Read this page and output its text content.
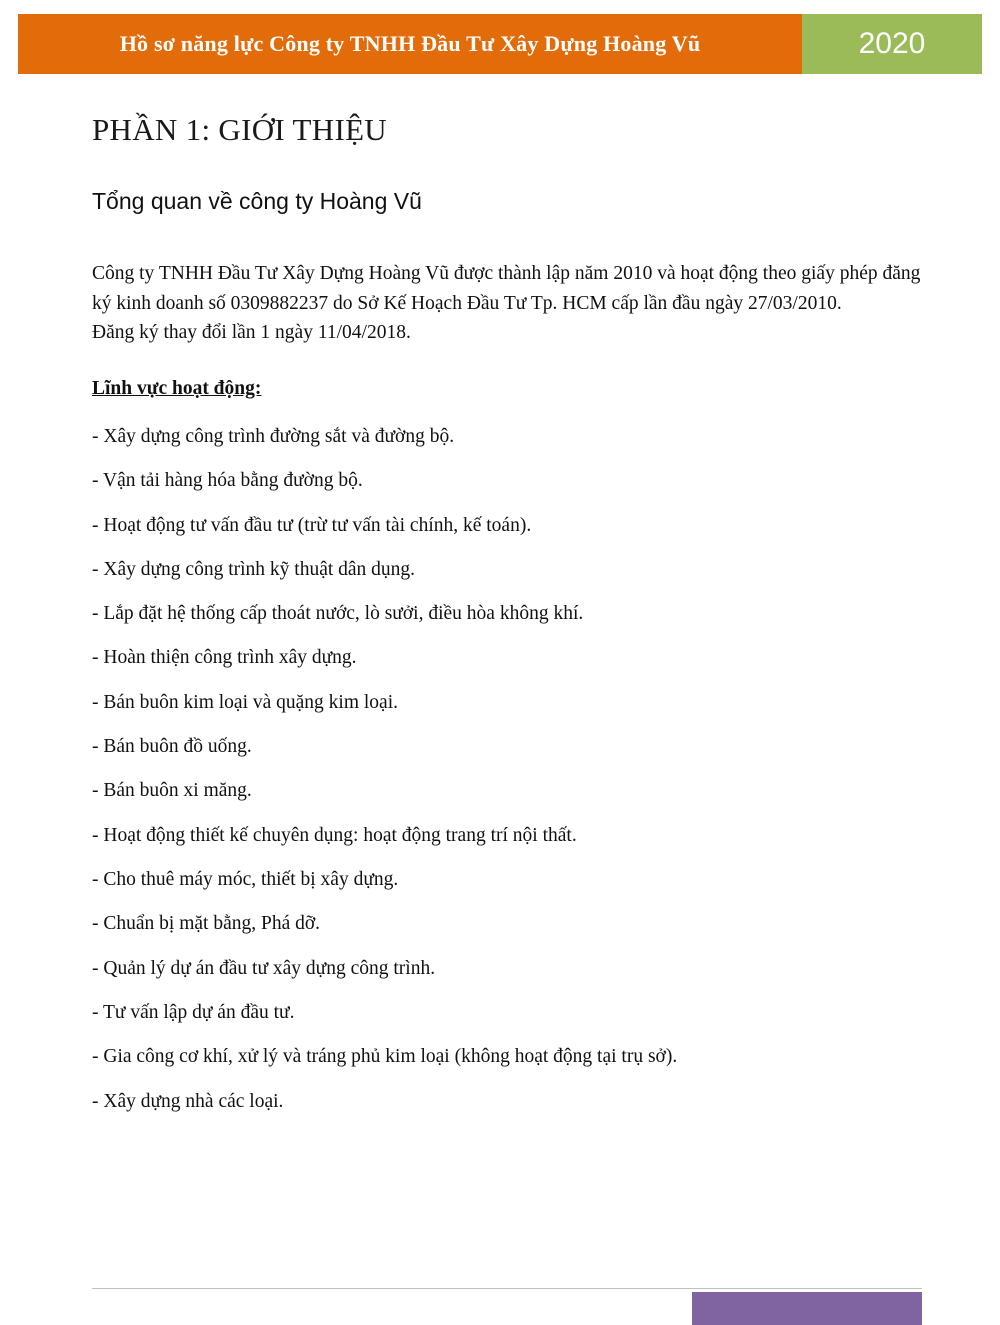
Hồ sơ năng lực Công ty TNHH Đầu Tư Xây Dựng Hoàng Vũ	2020
PHẦN 1: GIỚI THIỆU
Tổng quan về công ty Hoàng Vũ

Công ty TNHH Đầu Tư Xây Dựng Hoàng Vũ được thành lập năm 2010 và hoạt động theo giấy phép đăng ký kinh doanh số 0309882237 do Sở Kế Hoạch Đầu Tư Tp. HCM cấp lần đầu ngày 27/03/2010.

Đăng ký thay đổi lần 1 ngày 11/04/2018.

Lĩnh vực hoạt động:

- Xây dựng công trình đường sắt và đường bộ.
- Vận tải hàng hóa bằng đường bộ.
- Hoạt động tư vấn đầu tư (trừ tư vấn tài chính, kế toán).
- Xây dựng công trình kỹ thuật dân dụng.
- Lắp đặt hệ thống cấp thoát nước, lò sưởi, điều hòa không khí.
- Hoàn thiện công trình xây dựng.
- Bán buôn kim loại và quặng kim loại.
- Bán buôn đồ uống.
- Bán buôn xi măng.
- Hoạt động thiết kế chuyên dụng: hoạt động trang trí nội thất.
- Cho thuê máy móc, thiết bị xây dựng.
- Chuẩn bị mặt bằng, Phá dỡ.
- Quản lý dự án đầu tư xây dựng công trình.
- Tư vấn lập dự án đầu tư.
- Gia công cơ khí, xử lý và tráng phủ kim loại (không hoạt động tại trụ sở).
- Xây dựng nhà các loại.
1
